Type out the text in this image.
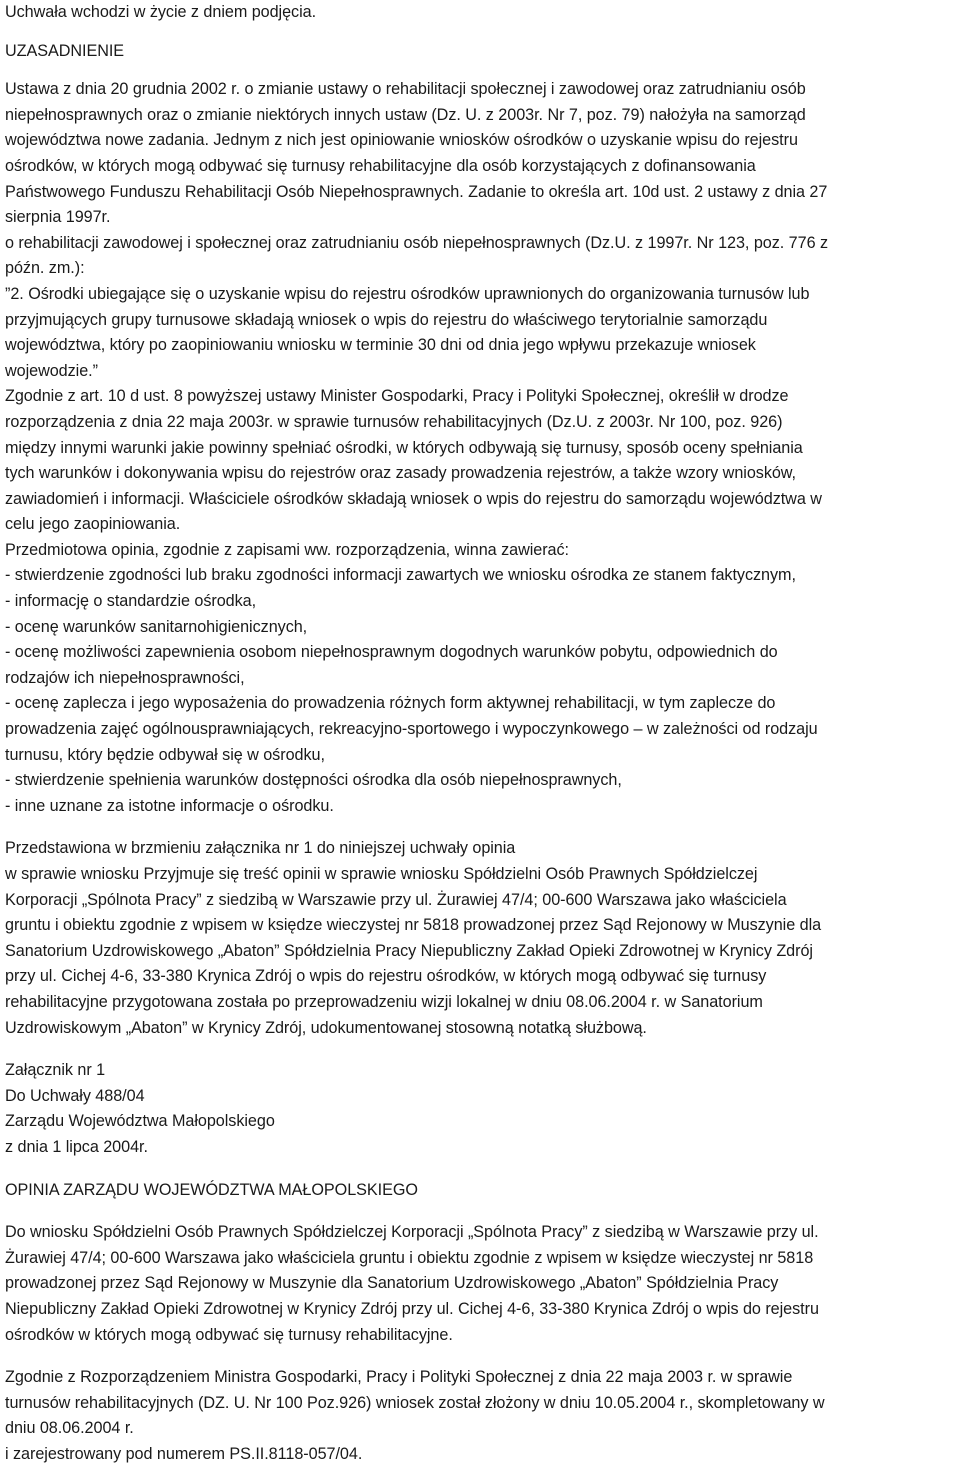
Uchwała wchodzi w życie z dniem podjęcia.

UZASADNIENIE

Ustawa z dnia 20 grudnia 2002 r. o zmianie ustawy o rehabilitacji społecznej i zawodowej oraz zatrudnianiu osób
niepełnosprawnych oraz o zmianie niektórych innych ustaw (Dz. U. z 2003r. Nr 7, poz. 79) nałożyła na samorząd
województwa nowe zadania. Jednym z nich jest opiniowanie wniosków ośrodków o uzyskanie wpisu do rejestru
ośrodków, w których mogą odbywać się turnusy rehabilitacyjne dla osób korzystających z dofinansowania
Państwowego Funduszu Rehabilitacji Osób Niepełnosprawnych. Zadanie to określa art. 10d ust. 2 ustawy z dnia 27
sierpnia 1997r.
o rehabilitacji zawodowej i społecznej oraz zatrudnianiu osób niepełnosprawnych (Dz.U. z 1997r. Nr 123, poz. 776 z
późn. zm.):
”2. Ośrodki ubiegające się o uzyskanie wpisu do rejestru ośrodków uprawnionych do organizowania turnusów lub
przyjmujących grupy turnusowe składają wniosek o wpis do rejestru do właściwego terytorialnie samorządu
województwa, który po zaopiniowaniu wniosku w terminie 30 dni od dnia jego wpływu przekazuje wniosek
wojewodzie.”
Zgodnie z art. 10 d ust. 8 powyższej ustawy Minister Gospodarki, Pracy i Polityki Społecznej, określił w drodze
rozporządzenia z dnia 22 maja 2003r. w sprawie turnusów rehabilitacyjnych (Dz.U. z 2003r. Nr 100, poz. 926)
między innymi warunki jakie powinny spełniać ośrodki, w których odbywają się turnusy, sposób oceny spełniania
tych warunków i dokonywania wpisu do rejestrów oraz zasady prowadzenia rejestrów, a także wzory wniosków,
zawiadomień i informacji. Właściciele ośrodków składają wniosek o wpis do rejestru do samorządu województwa w
celu jego zaopiniowania.
Przedmiotowa opinia, zgodnie z zapisami ww. rozporządzenia, winna zawierać:
- stwierdzenie zgodności lub braku zgodności informacji zawartych we wniosku ośrodka ze stanem faktycznym,
- informację o standardzie ośrodka,
- ocenę warunków sanitarnohigienicznych,
- ocenę możliwości zapewnienia osobom niepełnosprawnym dogodnych warunków pobytu, odpowiednich do
rodzajów ich niepełnosprawności,
- ocenę zaplecza i jego wyposażenia do prowadzenia różnych form aktywnej rehabilitacji, w tym zaplecze do
prowadzenia zajęć ogólnousprawniających, rekreacyjno-sportowego i wypoczynkowego – w zależności od rodzaju
turnusu, który będzie odbywał się w ośrodku,
- stwierdzenie spełnienia warunków dostępności ośrodka dla osób niepełnosprawnych,
- inne uznane za istotne informacje o ośrodku.

Przedstawiona w brzmieniu załącznika nr 1 do niniejszej uchwały opinia
w sprawie wniosku Przyjmuje się treść opinii w sprawie wniosku Spółdzielni Osób Prawnych Spółdzielczej
Korporacji „Spólnota Pracy” z siedzibą w Warszawie przy ul. Żurawiej 47/4; 00-600 Warszawa jako właściciela
gruntu i obiektu zgodnie z wpisem w księdze wieczystej nr 5818 prowadzonej przez Sąd Rejonowy w Muszynie dla
Sanatorium Uzdrowiskowego „Abaton” Spółdzielnia Pracy Niepubliczny Zakład Opieki Zdrowotnej w Krynicy Zdrój
przy ul. Cichej 4-6, 33-380 Krynica Zdrój o wpis do rejestru ośrodków, w których mogą odbywać się turnusy
rehabilitacyjne przygotowana została po przeprowadzeniu wizji lokalnej w dniu 08.06.2004 r. w Sanatorium
Uzdrowiskowym „Abaton” w Krynicy Zdrój, udokumentowanej stosowną notatką służbową.

Załącznik nr 1
Do Uchwały 488/04
Zarządu Województwa Małopolskiego
z dnia 1 lipca 2004r.

OPINIA ZARZĄDU WOJEWÓDZTWA MAŁOPOLSKIEGO

Do wniosku Spółdzielni Osób Prawnych Spółdzielczej Korporacji „Spólnota Pracy” z siedzibą w Warszawie przy ul.
Żurawiej 47/4; 00-600 Warszawa jako właściciela gruntu i obiektu zgodnie z wpisem w księdze wieczystej nr 5818
prowadzonej przez Sąd Rejonowy w Muszynie dla Sanatorium Uzdrowiskowego „Abaton” Spółdzielnia Pracy
Niepubliczny Zakład Opieki Zdrowotnej w Krynicy Zdrój przy ul. Cichej 4-6, 33-380 Krynica Zdrój o wpis do rejestru
ośrodków w których mogą odbywać się turnusy rehabilitacyjne.

Zgodnie z Rozporządzeniem Ministra Gospodarki, Pracy i Polityki Społecznej z dnia 22 maja 2003 r. w sprawie
turnusów rehabilitacyjnych (DZ. U. Nr 100 Poz.926) wniosek został złożony w dniu 10.05.2004 r., skompletowany w
dniu 08.06.2004 r.
i zarejestrowany pod numerem PS.II.8118-057/04.
